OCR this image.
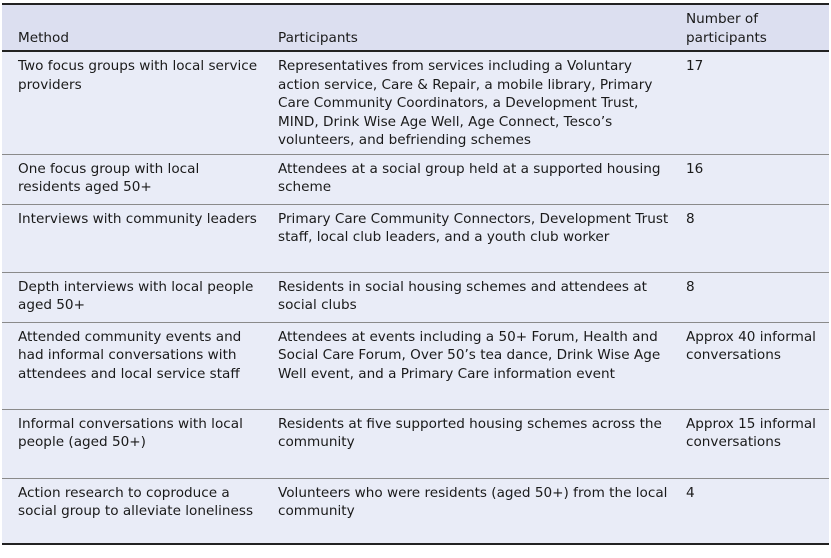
Method	Participants	Number of participants
Two focus groups with local service providers	Representatives from services including a Voluntary action service, Care & Repair, a mobile library, Primary Care Community Coordinators, a Development Trust, MIND, Drink Wise Age Well, Age Connect, Tesco’s volunteers, and befriending schemes	17
One focus group with local residents aged 50+	Attendees at a social group held at a supported housing scheme	16
Interviews with community leaders	Primary Care Community Connectors, Development Trust staff, local club leaders, and a youth club worker	8
Depth interviews with local people aged 50+	Residents in social housing schemes and attendees at social clubs	8
Attended community events and had informal conversations with attendees and local service staff	Attendees at events including a 50+ Forum, Health and Social Care Forum, Over 50’s tea dance, Drink Wise Age Well event, and a Primary Care information event	Approx 40 informal conversations
Informal conversations with local people (aged 50+)	Residents at five supported housing schemes across the community	Approx 15 informal conversations
Action research to coproduce a social group to alleviate loneliness	Volunteers who were residents (aged 50+) from the local community	4
